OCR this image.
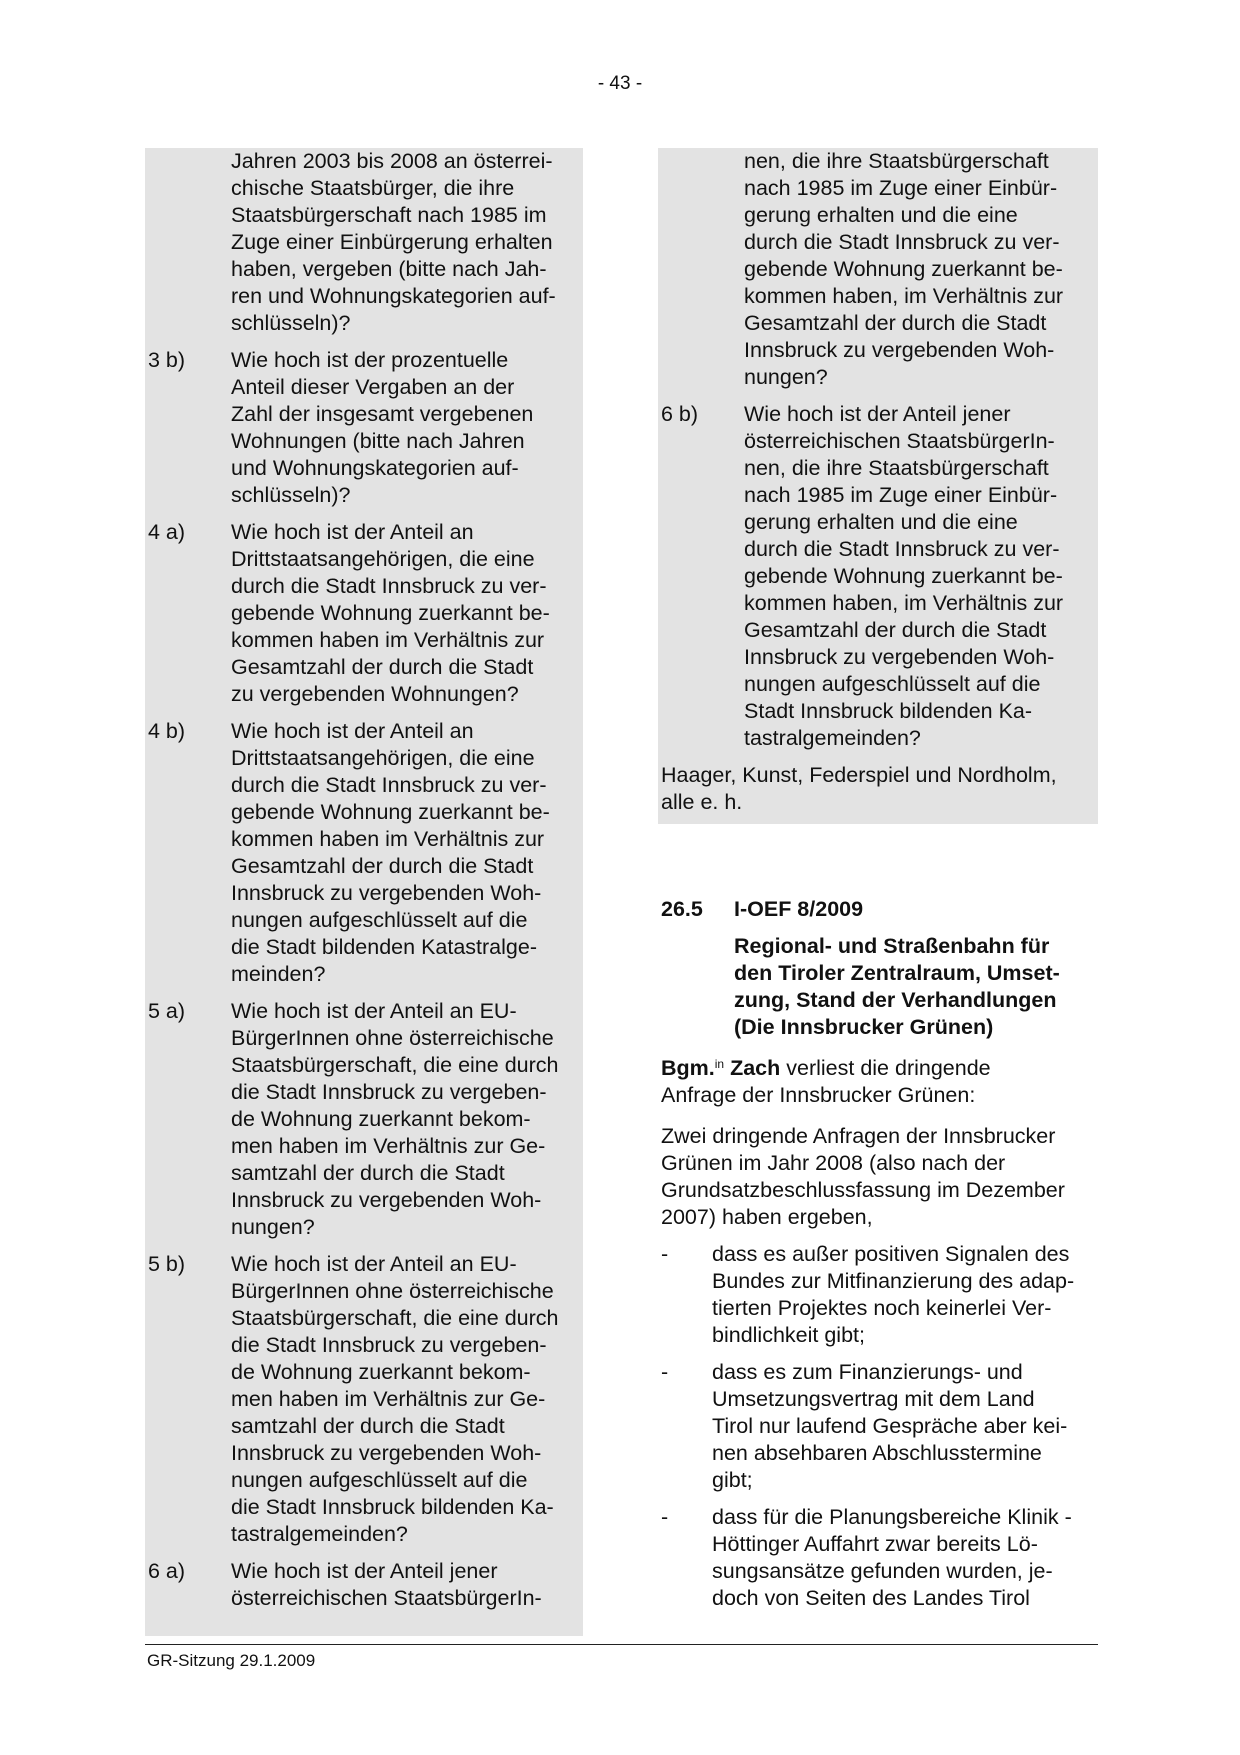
- 43 -
Jahren 2003 bis 2008 an österrei-
chische Staatsbürger, die ihre
Staatsbürgerschaft nach 1985 im
Zuge einer Einbürgerung erhalten
haben, vergeben (bitte nach Jah-
ren und Wohnungskategorien auf-
schlüsseln)?
3 b)	Wie hoch ist der prozentuelle
Anteil dieser Vergaben an der
Zahl der insgesamt vergebenen
Wohnungen (bitte nach Jahren
und Wohnungskategorien auf-
schlüsseln)?
4 a)	Wie hoch ist der Anteil an
Drittstaatsangehörigen, die eine
durch die Stadt Innsbruck zu ver-
gebende Wohnung zuerkannt be-
kommen haben im Verhältnis zur
Gesamtzahl der durch die Stadt
zu vergebenden Wohnungen?
4 b)	Wie hoch ist der Anteil an
Drittstaatsangehörigen, die eine
durch die Stadt Innsbruck zu ver-
gebende Wohnung zuerkannt be-
kommen haben im Verhältnis zur
Gesamtzahl der durch die Stadt
Innsbruck zu vergebenden Woh-
nungen aufgeschlüsselt auf die
die Stadt bildenden Katastralge-
meinden?
5 a)	Wie hoch ist der Anteil an EU-
BürgerInnen ohne österreichische
Staatsbürgerschaft, die eine durch
die Stadt Innsbruck zu vergeben-
de Wohnung zuerkannt bekom-
men haben im Verhältnis zur Ge-
samtzahl der durch die Stadt
Innsbruck zu vergebenden Woh-
nungen?
5 b)	Wie hoch ist der Anteil an EU-
BürgerInnen ohne österreichische
Staatsbürgerschaft, die eine durch
die Stadt Innsbruck zu vergeben-
de Wohnung zuerkannt bekom-
men haben im Verhältnis zur Ge-
samtzahl der durch die Stadt
Innsbruck zu vergebenden Woh-
nungen aufgeschlüsselt auf die
die Stadt Innsbruck bildenden Ka-
tastralgemeinden?
6 a)	Wie hoch ist der Anteil jener
österreichischen StaatsbürgerIn-
nen, die ihre Staatsbürgerschaft
nach 1985 im Zuge einer Einbür-
gerung erhalten und die eine
durch die Stadt Innsbruck zu ver-
gebende Wohnung zuerkannt be-
kommen haben, im Verhältnis zur
Gesamtzahl der durch die Stadt
Innsbruck zu vergebenden Woh-
nungen?
6 b)	Wie hoch ist der Anteil jener
österreichischen StaatsbürgerIn-
nen, die ihre Staatsbürgerschaft
nach 1985 im Zuge einer Einbür-
gerung erhalten und die eine
durch die Stadt Innsbruck zu ver-
gebende Wohnung zuerkannt be-
kommen haben, im Verhältnis zur
Gesamtzahl der durch die Stadt
Innsbruck zu vergebenden Woh-
nungen aufgeschlüsselt auf die
Stadt Innsbruck bildenden Ka-
tastralgemeinden?
Haager, Kunst, Federspiel und Nordholm,
alle e. h.
26.5 I-OEF 8/2009
Regional- und Straßenbahn für
den Tiroler Zentralraum, Umset-
zung, Stand der Verhandlungen
(Die Innsbrucker Grünen)
Bgm.$^{in}$ Zach verliest die dringende
Anfrage der Innsbrucker Grünen:
Zwei dringende Anfragen der Innsbrucker
Grünen im Jahr 2008 (also nach der
Grundsatzbeschlussfassung im Dezember
2007) haben ergeben,
- dass es außer positiven Signalen des
Bundes zur Mitfinanzierung des adap-
tierten Projektes noch keinerlei Ver-
bindlichkeit gibt;
- dass es zum Finanzierungs- und
Umsetzungsvertrag mit dem Land
Tirol nur laufend Gespräche aber kei-
nen absehbaren Abschlusstermine
gibt;
- dass für die Planungsbereiche Klinik -
Höttinger Auffahrt zwar bereits Lö-
sungsansätze gefunden wurden, je-
doch von Seiten des Landes Tirol
GR-Sitzung 29.1.2009
